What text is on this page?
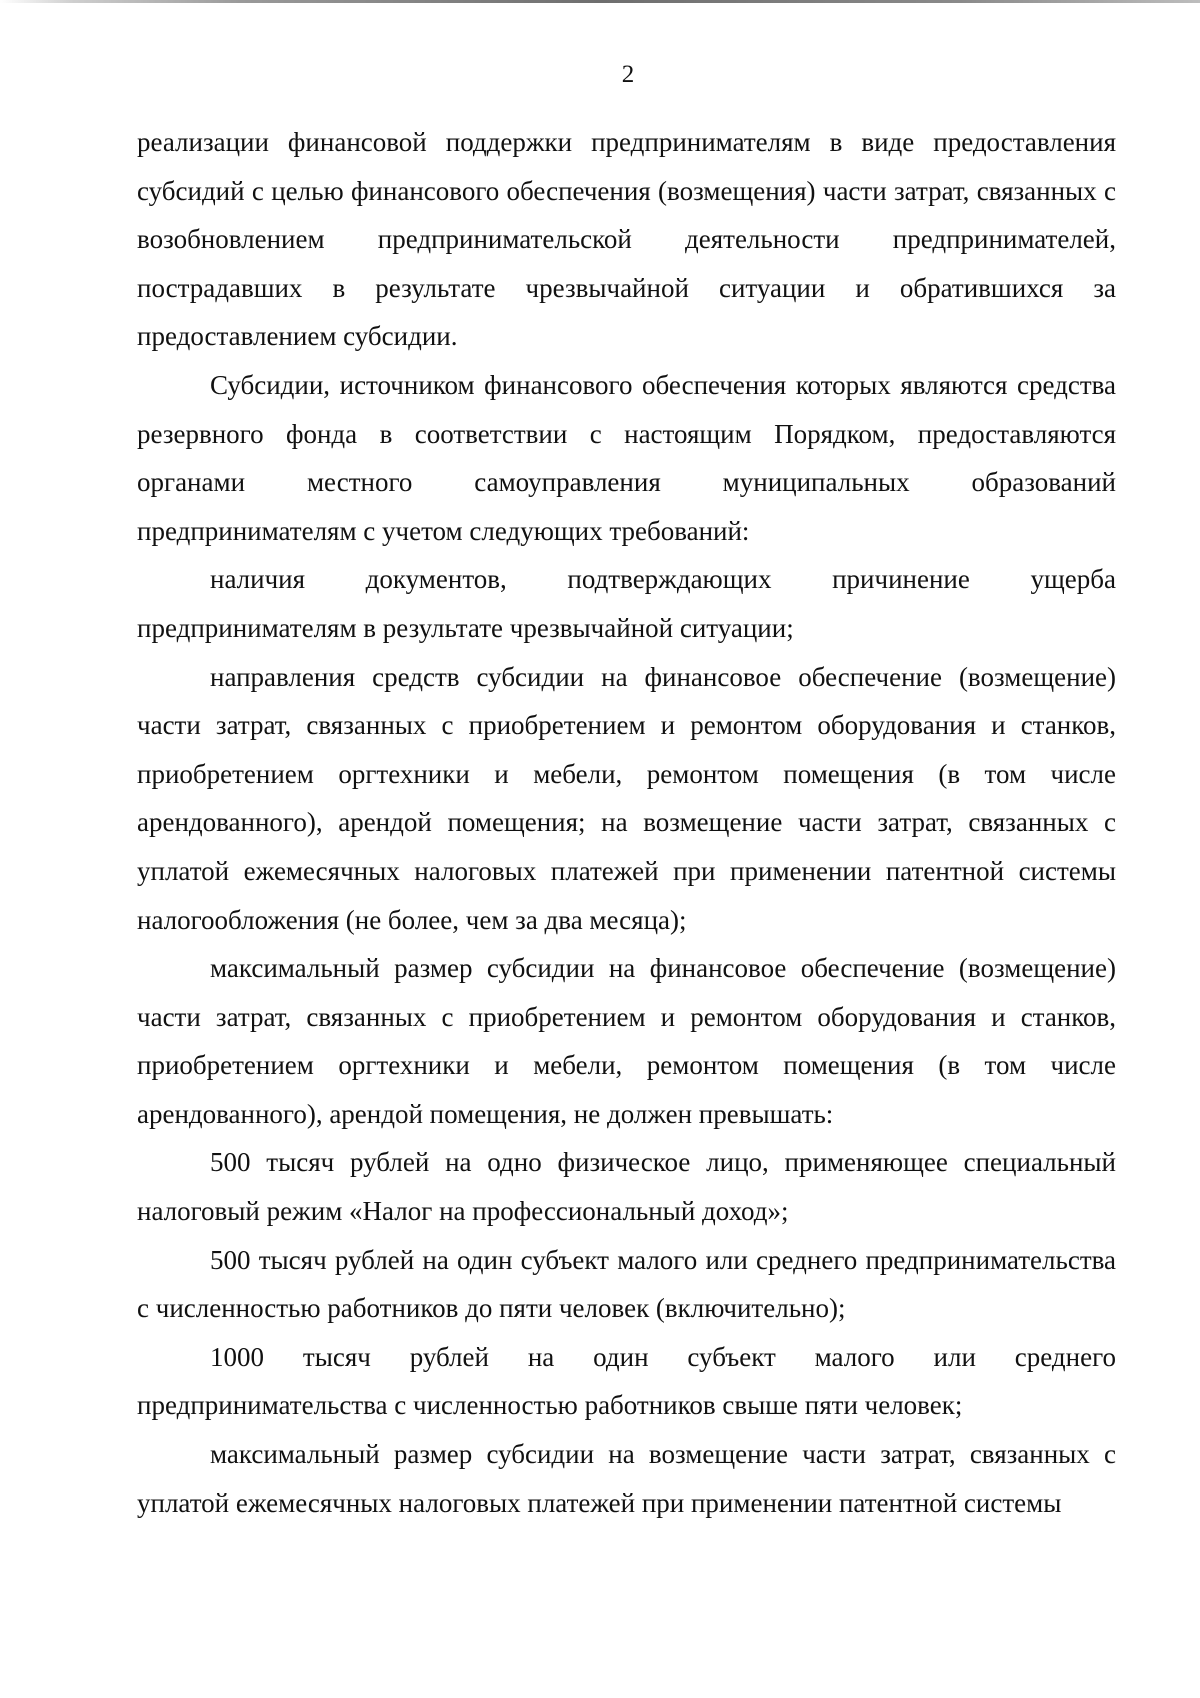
2

реализации финансовой поддержки предпринимателям в виде предоставления субсидий с целью финансового обеспечения (возмещения) части затрат, связанных с возобновлением предпринимательской деятельности предпринимателей, пострадавших в результате чрезвычайной ситуации и обратившихся за предоставлением субсидии.

Субсидии, источником финансового обеспечения которых являются средства резервного фонда в соответствии с настоящим Порядком, предоставляются органами местного самоуправления муниципальных образований предпринимателям с учетом следующих требований:

наличия документов, подтверждающих причинение ущерба предпринимателям в результате чрезвычайной ситуации;

направления средств субсидии на финансовое обеспечение (возмещение) части затрат, связанных с приобретением и ремонтом оборудования и станков, приобретением оргтехники и мебели, ремонтом помещения (в том числе арендованного), арендой помещения; на возмещение части затрат, связанных с уплатой ежемесячных налоговых платежей при применении патентной системы налогообложения (не более, чем за два месяца);

максимальный размер субсидии на финансовое обеспечение (возмещение) части затрат, связанных с приобретением и ремонтом оборудования и станков, приобретением оргтехники и мебели, ремонтом помещения (в том числе арендованного), арендой помещения, не должен превышать:

500 тысяч рублей на одно физическое лицо, применяющее специальный налоговый режим «Налог на профессиональный доход»;

500 тысяч рублей на один субъект малого или среднего предпринимательства с численностью работников до пяти человек (включительно);

1000 тысяч рублей на один субъект малого или среднего предпринимательства с численностью работников свыше пяти человек;

максимальный размер субсидии на возмещение части затрат, связанных с уплатой ежемесячных налоговых платежей при применении патентной системы
